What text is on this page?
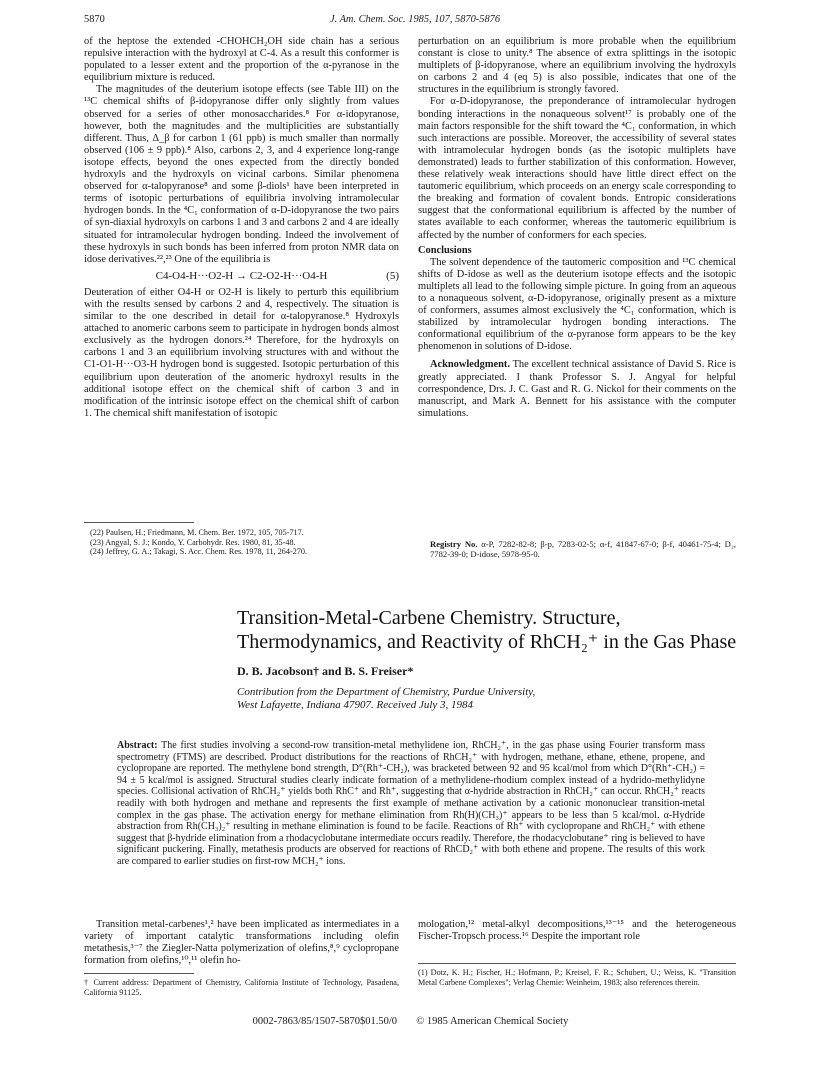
5870	J. Am. Chem. Soc. 1985, 107, 5870-5876

of the heptose the extended -CHOHCH₂OH side chain has a serious repulsive interaction with the hydroxyl at C-4. As a result this conformer is populated to a lesser extent and the proportion of the α-pyranose in the equilibrium mixture is reduced.

The magnitudes of the deuterium isotope effects (see Table III) on the ¹³C chemical shifts of β-idopyranose differ only slightly from values observed for a series of other monosaccharides.⁸ For α-idopyranose, however, both the magnitudes and the multiplicities are substantially different. Thus, Δ_β for carbon 1 (61 ppb) is much smaller than normally observed (106 ± 9 ppb).⁸ Also, carbons 2, 3, and 4 experience long-range isotope effects, beyond the ones expected from the directly bonded hydroxyls and the hydroxyls on vicinal carbons. Similar phenomena observed for α-talopyranose⁸ and some β-diols¹ have been interpreted in terms of isotopic perturbations of equilibria involving intramolecular hydrogen bonds. In the ⁴C₁ conformation of α-D-idopyranose the two pairs of syn-diaxial hydroxyls on carbons 1 and 3 and carbons 2 and 4 are ideally situated for intramolecular hydrogen bonding. Indeed the involvement of these hydroxyls in such bonds has been inferred from proton NMR data on idose derivatives.²²,²³ One of the equilibria is

C4-O4-H···O2-H → C2-O2-H···O4-H	(5)

Deuteration of either O4-H or O2-H is likely to perturb this equilibrium with the results sensed by carbons 2 and 4, respectively. The situation is similar to the one described in detail for α-talopyranose.⁸ Hydroxyls attached to anomeric carbons seem to participate in hydrogen bonds almost exclusively as the hydrogen donors.²⁴ Therefore, for the hydroxyls on carbons 1 and 3 an equilibrium involving structures with and without the C1-O1-H···O3-H hydrogen bond is suggested. Isotopic perturbation of this equilibrium upon deuteration of the anomeric hydroxyl results in the additional isotope effect on the chemical shift of carbon 3 and in modification of the intrinsic isotope effect on the chemical shift of carbon 1. The chemical shift manifestation of isotopic

(22) Paulsen, H.; Friedmann, M. Chem. Ber. 1972, 105, 705-717.
(23) Angyal, S. J.; Kondo, Y. Carbohydr. Res. 1980, 81, 35-48.
(24) Jeffrey, G. A.; Takagi, S. Acc. Chem. Res. 1978, 11, 264-270.

perturbation on an equilibrium is more probable when the equilibrium constant is close to unity.⁸ The absence of extra splittings in the isotopic multiplets of β-idopyranose, where an equilibrium involving the hydroxyls on carbons 2 and 4 (eq 5) is also possible, indicates that one of the structures in the equilibrium is strongly favored.

For α-D-idopyranose, the preponderance of intramolecular hydrogen bonding interactions in the nonaqueous solvent¹⁷ is probably one of the main factors responsible for the shift toward the ⁴C₁ conformation, in which such interactions are possible. Moreover, the accessibility of several states with intramolecular hydrogen bonds (as the isotopic multiplets have demonstrated) leads to further stabilization of this conformation. However, these relatively weak interactions should have little direct effect on the tautomeric equilibrium, which proceeds on an energy scale corresponding to the breaking and formation of covalent bonds. Entropic considerations suggest that the conformational equilibrium is affected by the number of states available to each conformer, whereas the tautomeric equilibrium is affected by the number of conformers for each species.

Conclusions

The solvent dependence of the tautomeric composition and ¹³C chemical shifts of D-idose as well as the deuterium isotope effects and the isotopic multiplets all lead to the following simple picture. In going from an aqueous to a nonaqueous solvent, α-D-idopyranose, originally present as a mixture of conformers, assumes almost exclusively the ⁴C₁ conformation, which is stabilized by intramolecular hydrogen bonding interactions. The conformational equilibrium of the α-pyranose form appears to be the key phenomenon in solutions of D-idose.

Acknowledgment. The excellent technical assistance of David S. Rice is greatly appreciated. I thank Professor S. J. Angyal for helpful correspondence, Drs. J. C. Gast and R. G. Nickol for their comments on the manuscript, and Mark A. Bennett for his assistance with the computer simulations.

Registry No. α-P, 7282-82-8; β-p, 7283-02-5; α-f, 41847-67-0; β-f, 40461-75-4; D₂, 7782-39-0; D-idose, 5978-95-0.
Transition-Metal-Carbene Chemistry. Structure,
Thermodynamics, and Reactivity of RhCH₂⁺ in the Gas Phase
D. B. Jacobson† and B. S. Freiser*
Contribution from the Department of Chemistry, Purdue University,
West Lafayette, Indiana 47907. Received July 3, 1984
Abstract: The first studies involving a second-row transition-metal methylidene ion, RhCH₂⁺, in the gas phase using Fourier transform mass spectrometry (FTMS) are described. Product distributions for the reactions of RhCH₂⁺ with hydrogen, methane, ethane, ethene, propene, and cyclopropane are reported. The methylene bond strength, D°(Rh⁺-CH₂), was bracketed between 92 and 95 kcal/mol from which D°(Rh⁺-CH₂) = 94 ± 5 kcal/mol is assigned. Structural studies clearly indicate formation of a methylidene-rhodium complex instead of a hydrido-methylidyne species. Collisional activation of RhCH₂⁺ yields both RhC⁺ and Rh⁺, suggesting that α-hydride abstraction in RhCH₂⁺ can occur. RhCH₂⁺ reacts readily with both hydrogen and methane and represents the first example of methane activation by a cationic mononuclear transition-metal complex in the gas phase. The activation energy for methane elimination from Rh(H)(CH₃)⁺ appears to be less than 5 kcal/mol. α-Hydride abstraction from Rh(CH₃)₂⁺ resulting in methane elimination is found to be facile. Reactions of Rh⁺ with cyclopropane and RhCH₂⁺ with ethene suggest that β-hydride elimination from a rhodacyclobutane intermediate occurs readily. Therefore, the rhodacyclobutane⁺ ring is believed to have significant puckering. Finally, metathesis products are observed for reactions of RhCD₂⁺ with both ethene and propene. The results of this work are compared to earlier studies on first-row MCH₂⁺ ions.

Transition metal-carbenes¹,² have been implicated as intermediates in a variety of important catalytic transformations including olefin metathesis,³⁻⁷ the Ziegler-Natta polymerization of olefins,⁸,⁹ cyclopropane formation from olefins,¹⁰,¹¹ olefin ho-

mologation,¹² metal-alkyl decompositions,¹³⁻¹⁵ and the heterogeneous Fischer-Tropsch process.¹⁶ Despite the important role

† Current address: Department of Chemistry, California Institute of Technology, Pasadena, California 91125.
(1) Dotz, K. H.; Fischer, H.; Hofmann, P.; Kreisel, F. R.; Schubert, U.; Weiss, K. "Transition Metal Carbene Complexes"; Verlag Chemie: Weinheim, 1983; also references therein.
0002-7863/85/1507-5870$01.50/0 © 1985 American Chemical Society
